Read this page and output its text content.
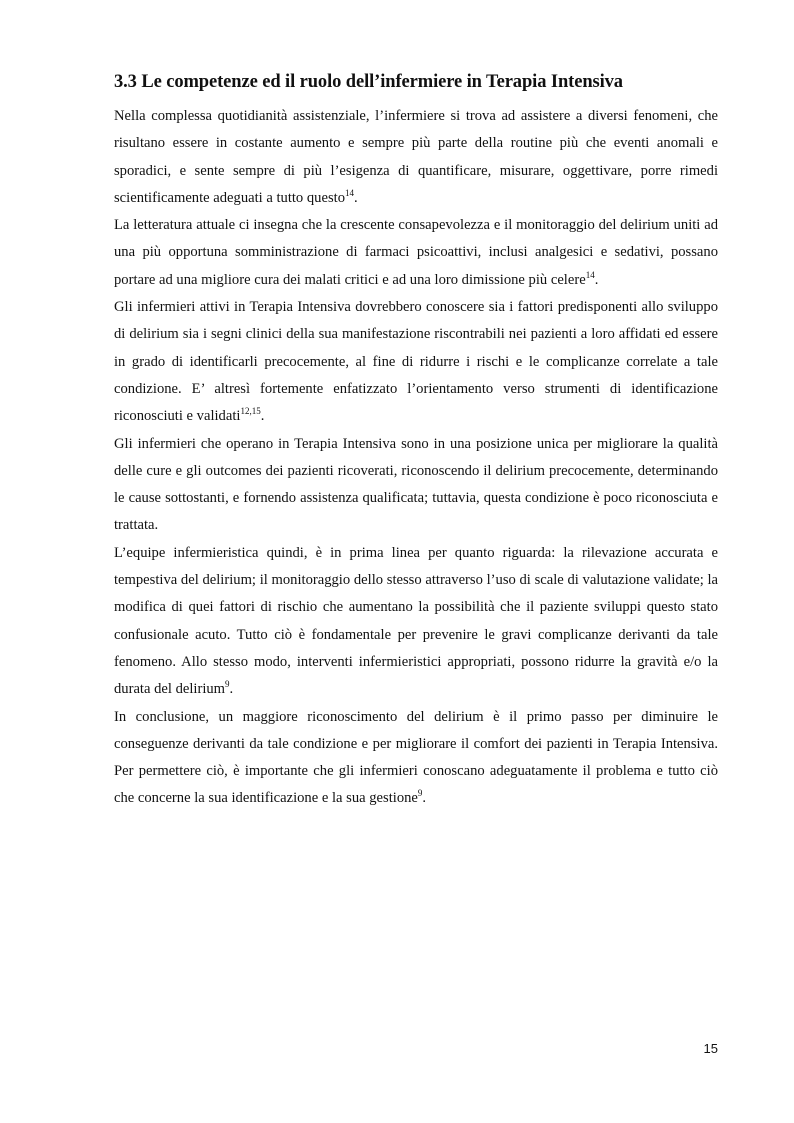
3.3 Le competenze ed il ruolo dell’infermiere in Terapia Intensiva

Nella complessa quotidianità assistenziale, l’infermiere si trova ad assistere a diversi fenomeni, che risultano essere in costante aumento e sempre più parte della routine più che eventi anomali e sporadici, e sente sempre di più l’esigenza di quantificare, misurare, oggettivare, porre rimedi scientificamente adeguati a tutto questo$^{14}$.

La letteratura attuale ci insegna che la crescente consapevolezza e il monitoraggio del delirium uniti ad una più opportuna somministrazione di farmaci psicoattivi, inclusi analgesici e sedativi, possano portare ad una migliore cura dei malati critici e ad una loro dimissione più celere$^{14}$.

Gli infermieri attivi in Terapia Intensiva dovrebbero conoscere sia i fattori predisponenti allo sviluppo di delirium sia i segni clinici della sua manifestazione riscontrabili nei pazienti a loro affidati ed essere in grado di identificarli precocemente, al fine di ridurre i rischi e le complicanze correlate a tale condizione. E’ altresì fortemente enfatizzato l’orientamento verso strumenti di identificazione riconosciuti e validati$^{12,15}$.

Gli infermieri che operano in Terapia Intensiva sono in una posizione unica per migliorare la qualità delle cure e gli outcomes dei pazienti ricoverati, riconoscendo il delirium precocemente, determinando le cause sottostanti, e fornendo assistenza qualificata; tuttavia, questa condizione è poco riconosciuta e trattata.

L’equipe infermieristica quindi, è in prima linea per quanto riguarda: la rilevazione accurata e tempestiva del delirium; il monitoraggio dello stesso attraverso l’uso di scale di valutazione validate; la modifica di quei fattori di rischio che aumentano la possibilità che il paziente sviluppi questo stato confusionale acuto. Tutto ciò è fondamentale per prevenire le gravi complicanze derivanti da tale fenomeno. Allo stesso modo, interventi infermieristici appropriati, possono ridurre la gravità e/o la durata del delirium$^9$.

In conclusione, un maggiore riconoscimento del delirium è il primo passo per diminuire le conseguenze derivanti da tale condizione e per migliorare il comfort dei pazienti in Terapia Intensiva. Per permettere ciò, è importante che gli infermieri conoscano adeguatamente il problema e tutto ciò che concerne la sua identificazione e la sua gestione$^9$.

15
